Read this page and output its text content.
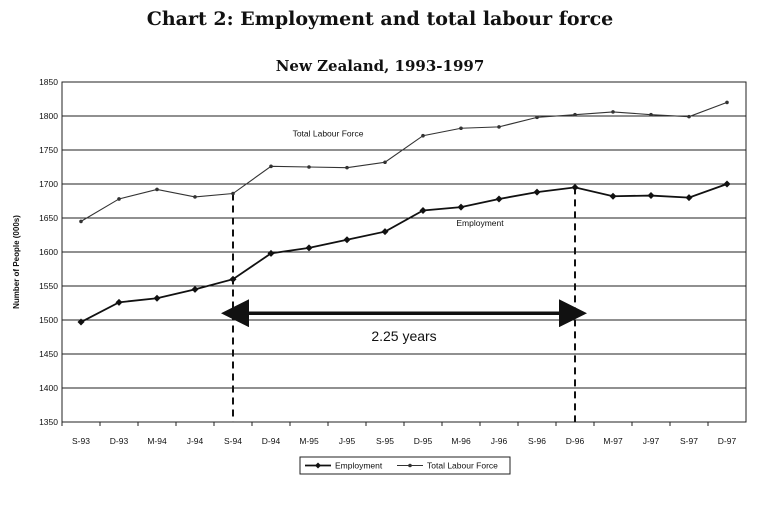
Chart 2: Employment and total labour force
New Zealand, 1993-1997
1350
1400
1450
1500
1550
1600
1650
1700
1750
1800
1850
S-93 D-93 M-94 J-94 S-94 D-94 M-95 J-95 S-95 D-95 M-96 J-96 S-96 D-96 M-97 J-97 S-97 D-97
Number of People (000s)
Total Labour Force
Employment
2.25 years
Employment	Total Labour Force
